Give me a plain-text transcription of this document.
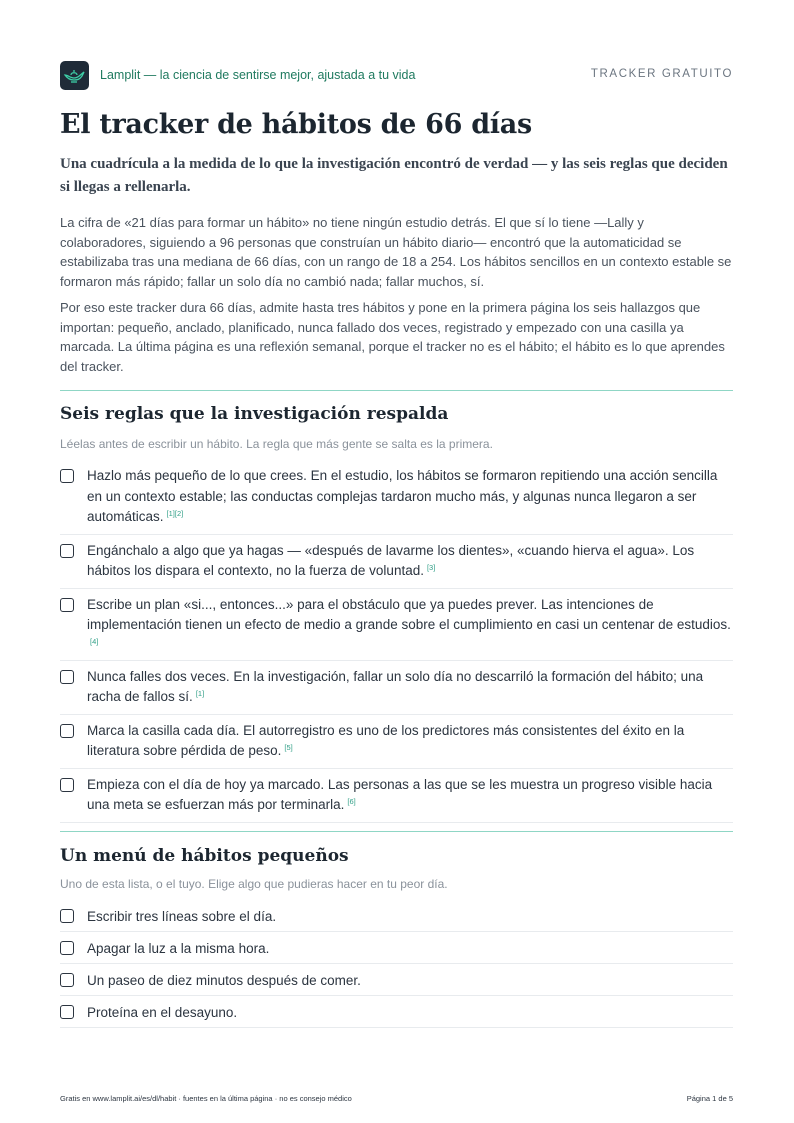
Lamplit — la ciencia de sentirse mejor, ajustada a tu vida	TRACKER GRATUITO
El tracker de hábitos de 66 días

Una cuadrícula a la medida de lo que la investigación encontró de verdad — y las seis reglas que deciden si llegas a rellenarla.

La cifra de «21 días para formar un hábito» no tiene ningún estudio detrás. El que sí lo tiene —Lally y colaboradores, siguiendo a 96 personas que construían un hábito diario— encontró que la automaticidad se estabilizaba tras una mediana de 66 días, con un rango de 18 a 254. Los hábitos sencillos en un contexto estable se formaron más rápido; fallar un solo día no cambió nada; fallar muchos, sí.

Por eso este tracker dura 66 días, admite hasta tres hábitos y pone en la primera página los seis hallazgos que importan: pequeño, anclado, planificado, nunca fallado dos veces, registrado y empezado con una casilla ya marcada. La última página es una reflexión semanal, porque el tracker no es el hábito; el hábito es lo que aprendes del tracker.

Seis reglas que la investigación respalda

Léelas antes de escribir un hábito. La regla que más gente se salta es la primera.

Hazlo más pequeño de lo que crees. En el estudio, los hábitos se formaron repitiendo una acción sencilla en un contexto estable; las conductas complejas tardaron mucho más, y algunas nunca llegaron a ser automáticas. [1][2]
Engánchalo a algo que ya hagas — «después de lavarme los dientes», «cuando hierva el agua». Los hábitos los dispara el contexto, no la fuerza de voluntad. [3]
Escribe un plan «si..., entonces...» para el obstáculo que ya puedes prever. Las intenciones de implementación tienen un efecto de medio a grande sobre el cumplimiento en casi un centenar de estudios.[4]
Nunca falles dos veces. En la investigación, fallar un solo día no descarriló la formación del hábito; una racha de fallos sí. [1]
Marca la casilla cada día. El autorregistro es uno de los predictores más consistentes del éxito en la literatura sobre pérdida de peso. [5]
Empieza con el día de hoy ya marcado. Las personas a las que se les muestra un progreso visible hacia una meta se esfuerzan más por terminarla. [6]
Un menú de hábitos pequeños

Uno de esta lista, o el tuyo. Elige algo que pudieras hacer en tu peor día.

Escribir tres líneas sobre el día.
Apagar la luz a la misma hora.
Un paseo de diez minutos después de comer.
Proteína en el desayuno.
Gratis en www.lamplit.ai/es/dl/habit · fuentes en la última página · no es consejo médico	Página 1 de 5
